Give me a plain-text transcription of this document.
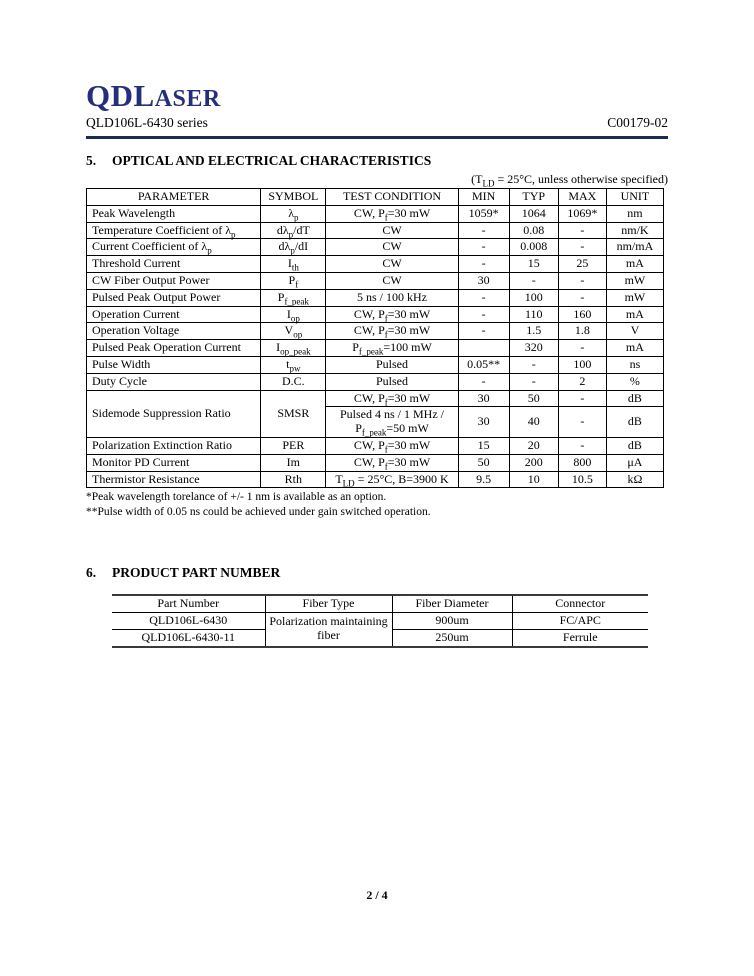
QDLASER
QLD106L-6430 series	C00179-02
5. OPTICAL AND ELECTRICAL CHARACTERISTICS
($T_{LD} = 25^\circ C$, unless otherwise specified)
PARAMETER	SYMBOL	TEST CONDITION	MIN	TYP	MAX	UNIT
Peak Wavelength	$\lambda_p$	CW, $P_f=30$ mW	1059*	1064	1069*	nm
Temperature Coefficient of $\lambda_p$	$d\lambda_p/dT$	CW	-	0.08	-	nm/K
Current Coefficient of $\lambda_p$	$d\lambda_p/dI$	CW	-	0.008	-	nm/mA
Threshold Current	$I_{th}$	CW	-	15	25	mA
CW Fiber Output Power	$P_f$	CW	30	-	-	mW
Pulsed Peak Output Power	$P_{f\_peak}$	5 ns / 100 kHz	-	100	-	mW
Operation Current	$I_{op}$	CW, $P_f=30$ mW	-	110	160	mA
Operation Voltage	$V_{op}$	CW, $P_f=30$ mW	-	1.5	1.8	V
Pulsed Peak Operation Current	$I_{op\_peak}$	$P_{f\_peak}=100$ mW		320	-	mA
Pulse Width	$t_{pw}$	Pulsed	0.05**	-	100	ns
Duty Cycle	D.C.	Pulsed	-	-	2	%
Sidemode Suppression Ratio	SMSR	CW, $P_f=30$ mW	30	50	-	dB
		Pulsed 4 ns / 1 MHz / $P_{f\_peak}=50$ mW	30	40	-	dB
Polarization Extinction Ratio	PER	CW, $P_f=30$ mW	15	20	-	dB
Monitor PD Current	Im	CW, $P_f=30$ mW	50	200	800	μA
Thermistor Resistance	Rth	$T_{LD} = 25^\circ C$, B=3900 K	9.5	10	10.5	kΩ
*Peak wavelength torelance of +/- 1 nm is available as an option.
**Pulse width of 0.05 ns could be achieved under gain switched operation.
6. PRODUCT PART NUMBER
Part Number	Fiber Type	Fiber Diameter	Connector
QLD106L-6430	Polarization maintaining fiber	900um	FC/APC
QLD106L-6430-11		250um	Ferrule
2 / 4
